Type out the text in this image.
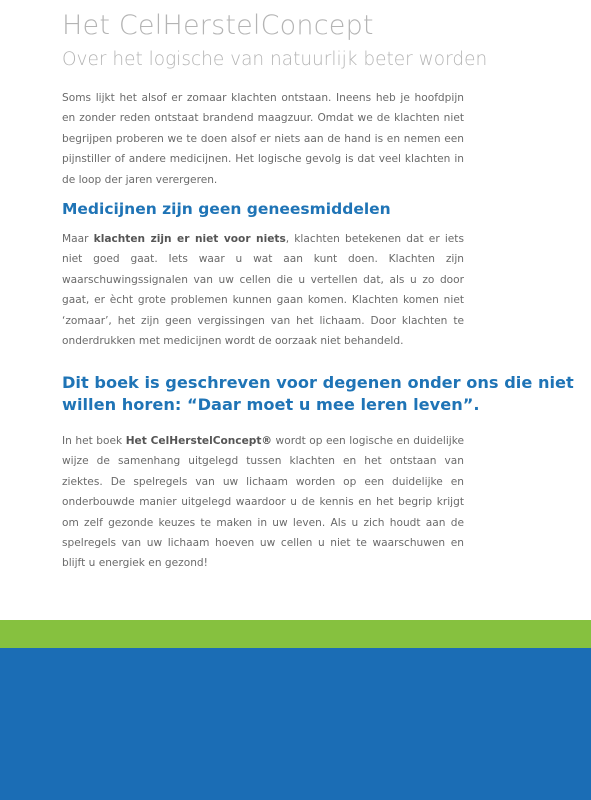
Het CelHerstelConcept
Over het logische van natuurlijk beter worden

Soms lijkt het alsof er zomaar klachten ontstaan. Ineens heb je hoofdpijn en zonder reden ontstaat brandend maagzuur. Omdat we de klachten niet begrijpen proberen we te doen alsof er niets aan de hand is en nemen een pijnstiller of andere medicijnen. Het logische gevolg is dat veel klachten in de loop der jaren verergeren.

Medicijnen zijn geen geneesmiddelen

Maar klachten zijn er niet voor niets, klachten betekenen dat er iets niet goed gaat. Iets waar u wat aan kunt doen. Klachten zijn waarschuwingssignalen van uw cellen die u vertellen dat, als u zo door gaat, er ècht grote problemen kunnen gaan komen. Klachten komen niet ‘zomaar’, het zijn geen vergissingen van het lichaam. Door klachten te onderdrukken met medicijnen wordt de oorzaak niet behandeld.

Dit boek is geschreven voor degenen onder ons die niet
willen horen: “Daar moet u mee leren leven”.

In het boek Het CelHerstelConcept® wordt op een logische en duidelijke wijze de samenhang uitgelegd tussen klachten en het ontstaan van ziektes. De spelregels van uw lichaam worden op een duidelijke en onderbouwde manier uitgelegd waardoor u de kennis en het begrip krijgt om zelf gezonde keuzes te maken in uw leven. Als u zich houdt aan de spelregels van uw lichaam hoeven uw cellen u niet te waarschuwen en blijft u energiek en gezond!
